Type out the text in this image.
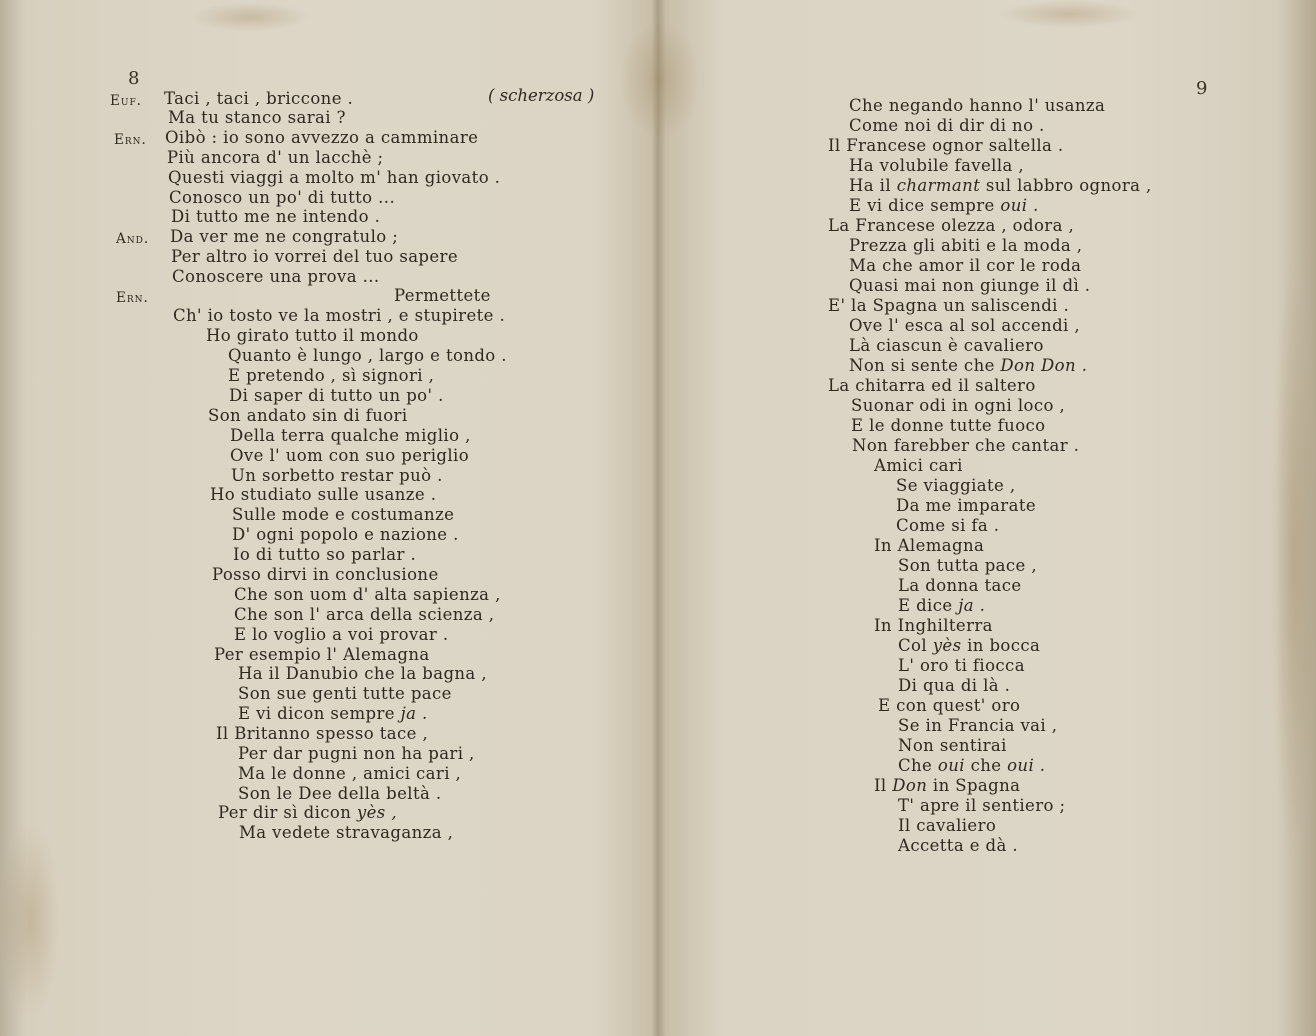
8
( scherzosa )
Euf.
Ern.
And.
Ern.
Taci , taci , briccone .
Ma tu stanco sarai ?
Oibò : io sono avvezzo a camminare
Più ancora d' un lacchè ;
Questi viaggi a molto m' han giovato .
Conosco un po' di tutto ...
Di tutto me ne intendo .
Da ver me ne congratulo ;
Per altro io vorrei del tuo sapere
Conoscere una prova ...
Permettete
Ch' io tosto ve la mostri , e stupirete .
Ho girato tutto il mondo
Quanto è lungo , largo e tondo .
E pretendo , sì signori ,
Di saper di tutto un po' .
Son andato sin di fuori
Della terra qualche miglio ,
Ove l' uom con suo periglio
Un sorbetto restar può .
Ho studiato sulle usanze .
Sulle mode e costumanze
D' ogni popolo e nazione .
Io di tutto so parlar .
Posso dirvi in conclusione
Che son uom d' alta sapienza ,
Che son l' arca della scienza ,
E lo voglio a voi provar .
Per esempio l' Alemagna
Ha il Danubio che la bagna ,
Son sue genti tutte pace
E vi dicon sempre ja .
Il Britanno spesso tace ,
Per dar pugni non ha pari ,
Ma le donne , amici cari ,
Son le Dee della beltà .
Per dir sì dicon yès ,
Ma vedete stravaganza ,
9
Che negando hanno l' usanza
Come noi di dir di no .
Il Francese ognor saltella .
Ha volubile favella ,
Ha il charmant sul labbro ognora ,
E vi dice sempre oui .
La Francese olezza , odora ,
Prezza gli abiti e la moda ,
Ma che amor il cor le roda
Quasi mai non giunge il dì .
E' la Spagna un saliscendi .
Ove l' esca al sol accendi ,
Là ciascun è cavaliero
Non si sente che Don Don .
La chitarra ed il saltero
Suonar odi in ogni loco ,
E le donne tutte fuoco
Non farebber che cantar .
Amici cari
Se viaggiate ,
Da me imparate
Come si fa .
In Alemagna
Son tutta pace ,
La donna tace
E dice ja .
In Inghilterra
Col yès in bocca
L' oro ti fiocca
Di qua di là .
E con quest' oro
Se in Francia vai ,
Non sentirai
Che oui che oui .
Il Don in Spagna
T' apre il sentiero ;
Il cavaliero
Accetta e dà .
